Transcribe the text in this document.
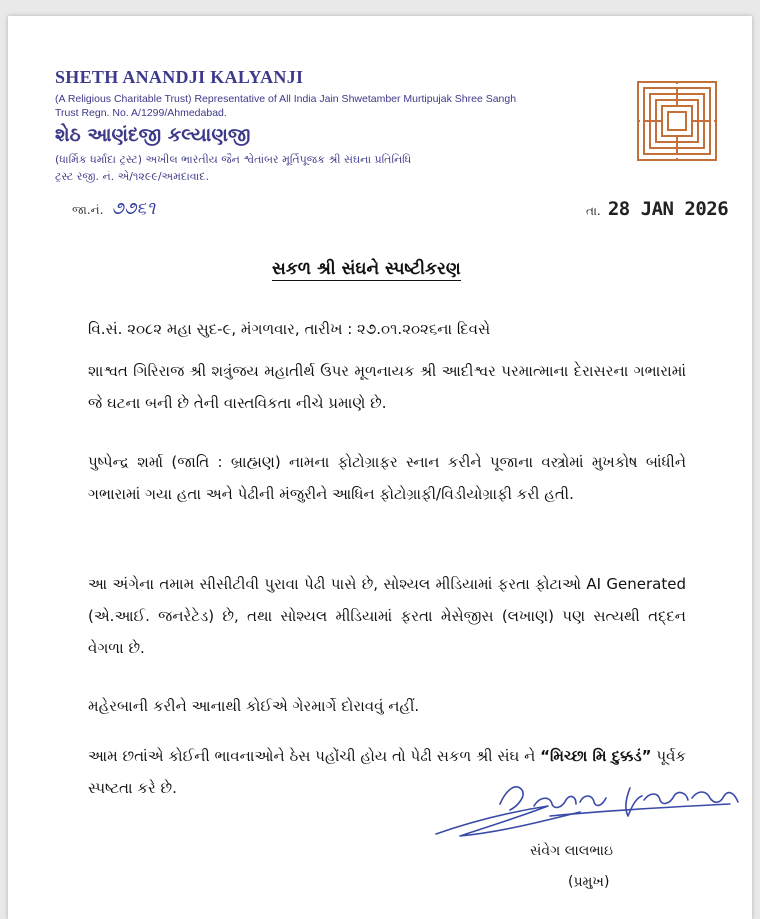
SHETH ANANDJI KALYANJI
(A Religious Charitable Trust) Representative of All India Jain Shwetamber Murtipujak Shree Sangh
Trust Regn. No. A/1299/Ahmedabad.
શેઠ આણંદજી કલ્યાણજી
(ધાર્મિક ધર્માદા ટ્રસ્ટ) અખીલ ભારતીય જૈન શ્વેતાંબર મૂર્તિપૂજક શ્રી સંઘના પ્રતિનિધિ
ટ્રસ્ટ રજી. નં. એ/૧૨૯૯/અમદાવાદ.
જા.નં. ૭૭૬૧	તા. 28 JAN 2026
સકળ શ્રી સંઘને સ્પષ્ટીકરણ

વિ.સં. ૨૦૮૨ મહા સુદ-૯, મંગળવાર, તારીખ : ૨૭.૦૧.૨૦૨૬ના દિવસે

શાશ્વત ગિરિરાજ શ્રી શત્રુંજય મહાતીર્થ ઉપર મૂળનાયક શ્રી આદીશ્વર પરમાત્માના દેરાસરના ગભારામાં જે ઘટના બની છે તેની વાસ્તવિકતા નીચે પ્રમાણે છે.

પુષ્પેન્દ્ર શર્મા (જાતિ : બ્રાહ્મણ) નામના ફોટોગ્રાફર સ્નાન કરીને પૂજાના વસ્ત્રોમાં મુખકોષ બાંધીને ગભારામાં ગયા હતા અને પેઢીની મંજુરીને આધિન ફોટોગ્રાફી/વિડીયોગ્રાફી કરી હતી.

આ અંગેના તમામ સીસીટીવી પુરાવા પેઢી પાસે છે, સોશ્યલ મીડિયામાં ફરતા ફોટાઓ AI Generated (એ.આઈ. જનરેટેડ) છે, તથા સોશ્યલ મીડિયામાં ફરતા મેસેજીસ (લખાણ) પણ સત્યથી તદ્દન વેગળા છે.

મહેરબાની કરીને આનાથી કોઈએ ગેરમાર્ગે દોરાવવું નહીં.

આમ છતાંએ કોઈની ભાવનાઓને ઠેસ પહોંચી હોય તો પેઢી સકળ શ્રી સંઘ ને “મિચ્છા મિ દુક્કડં” પૂર્વક સ્પષ્ટતા કરે છે.

સંવેગ લાલભાઇ
(પ્રમુખ)
